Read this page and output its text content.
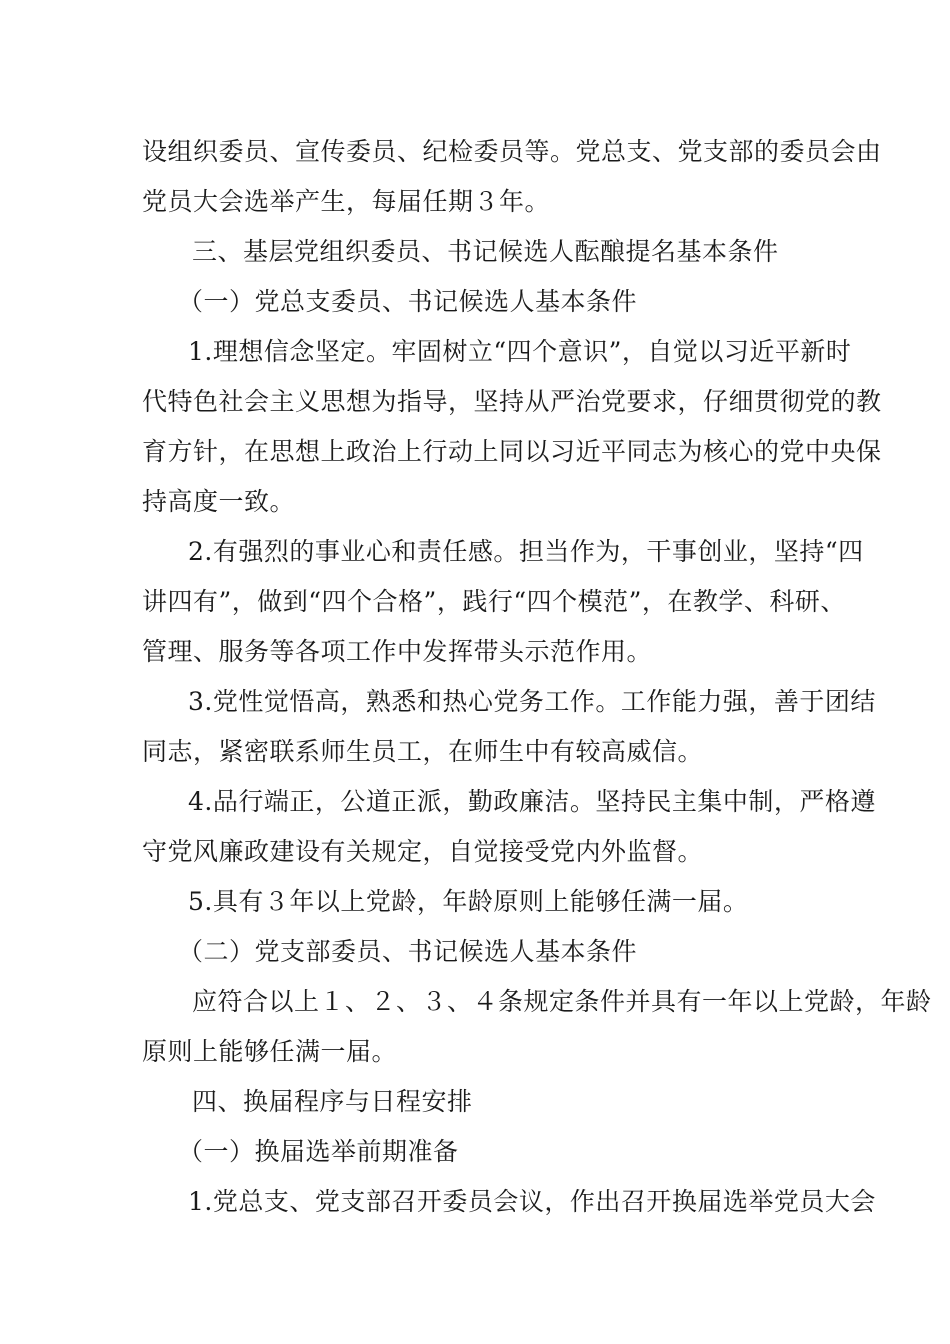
设组织委员、宣传委员、纪检委员等。党总支、党支部的委员会由
党员大会选举产生，每届任期３年。
三、基层党组织委员、书记候选人酝酿提名基本条件
（一）党总支委员、书记候选人基本条件
1.理想信念坚定。牢固树立“四个意识”，自觉以习近平新时
代特色社会主义思想为指导，坚持从严治党要求，仔细贯彻党的教
育方针，在思想上政治上行动上同以习近平同志为核心的党中央保
持高度一致。
2.有强烈的事业心和责任感。担当作为，干事创业，坚持“四
讲四有”，做到“四个合格”，践行“四个模范”，在教学、科研、
管理、服务等各项工作中发挥带头示范作用。
3.党性觉悟高，熟悉和热心党务工作。工作能力强，善于团结
同志，紧密联系师生员工，在师生中有较高威信。
4.品行端正，公道正派，勤政廉洁。坚持民主集中制，严格遵
守党风廉政建设有关规定，自觉接受党内外监督。
5.具有３年以上党龄，年龄原则上能够任满一届。
（二）党支部委员、书记候选人基本条件
应符合以上１、２、３、４条规定条件并具有一年以上党龄，年龄
原则上能够任满一届。
四、换届程序与日程安排
（一）换届选举前期准备
1.党总支、党支部召开委员会议，作出召开换届选举党员大会
